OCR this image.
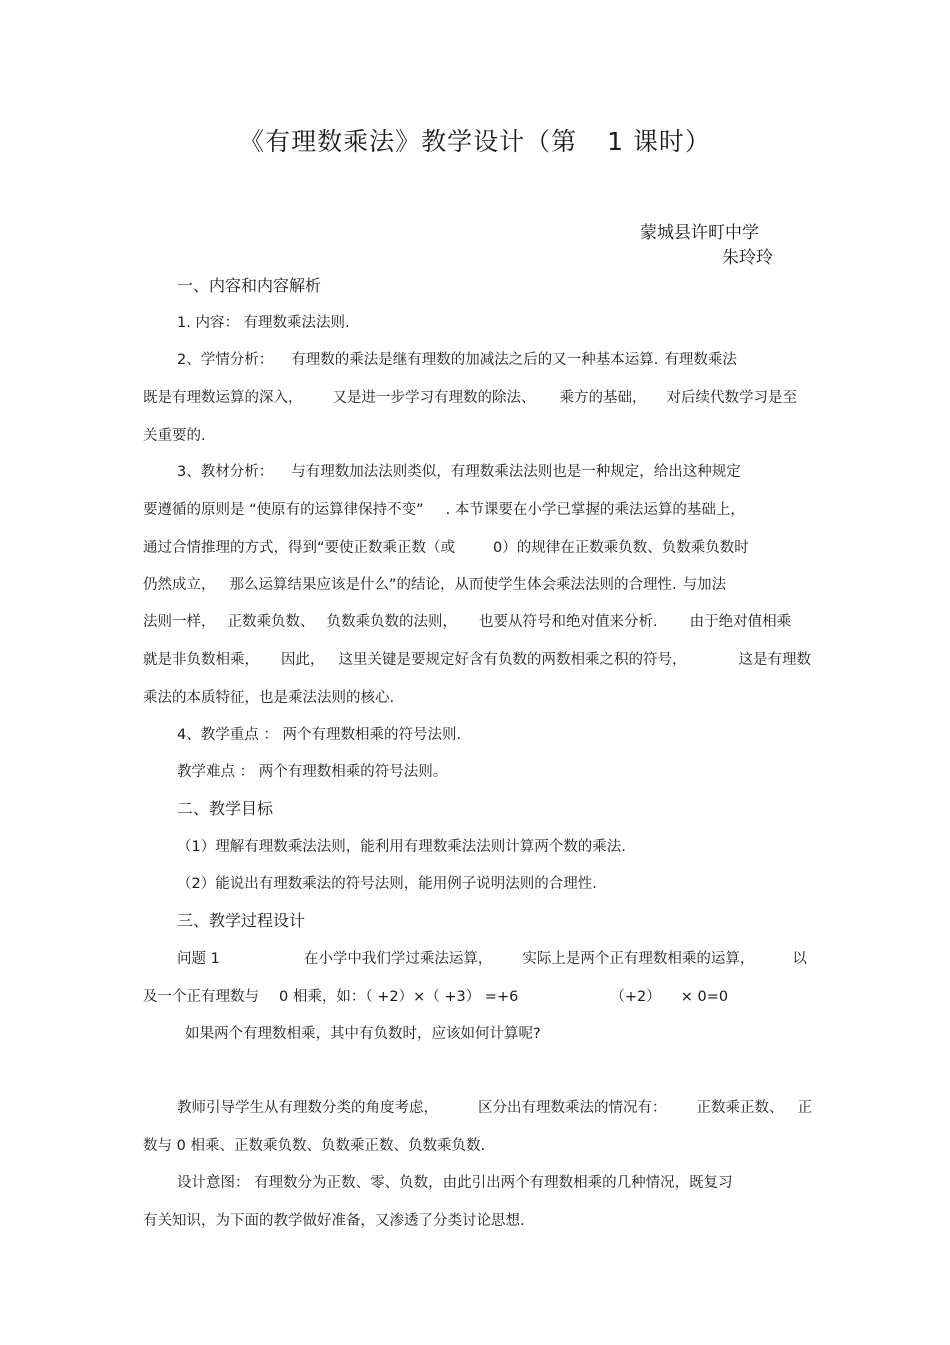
《有理数乘法》教学设计（第 1 课时）
蒙城县许町中学
朱玲玲
一、内容和内容解析
1. 内容： 有理数乘法法则.
2、学情分析： 有理数的乘法是继有理数的加减法之后的又一种基本运算. 有理数乘法
既是有理数运算的深入， 又是进一步学习有理数的除法、 乘方的基础， 对后续代数学习是至
关重要的.
3、教材分析： 与有理数加法法则类似，有理数乘法法则也是一种规定，给出这种规定
要遵循的原则是 “使原有的运算律保持不变” . 本节课要在小学已掌握的乘法运算的基础上，
通过合情推理的方式，得到“要使正数乘正数（或	0）的规律在正数乘负数、负数乘负数时
仍然成立， 那么运算结果应该是什么”的结论，从而使学生体会乘法法则的合理性. 与加法
法则一样， 正数乘负数、 负数乘负数的法则， 也要从符号和绝对值来分析. 由于绝对值相乘
就是非负数相乘， 因此， 这里关键是要规定好含有负数的两数相乘之积的符号，	这是有理数
乘法的本质特征，也是乘法法则的核心.
4、教学重点 ： 两个有理数相乘的符号法则.
教学难点 ： 两个有理数相乘的符号法则。
二、教学目标
（1）理解有理数乘法法则，能利用有理数乘法法则计算两个数的乘法.
（2）能说出有理数乘法的符号法则，能用例子说明法则的合理性.
三、教学过程设计
问题 1	在小学中我们学过乘法运算， 实际上是两个正有理数相乘的运算，	以
及一个正有理数与 0 相乘，如：（ +2）×（ +3） =+6	（+2） × 0=0
如果两个有理数相乘，其中有负数时，应该如何计算呢?
教师引导学生从有理数分类的角度考虑，	区分出有理数乘法的情况有： 正数乘正数、 正
数与 0 相乘、正数乘负数、负数乘正数、负数乘负数.
设计意图： 有理数分为正数、零、负数，由此引出两个有理数相乘的几种情况，既复习
有关知识，为下面的教学做好准备，又渗透了分类讨论思想.
